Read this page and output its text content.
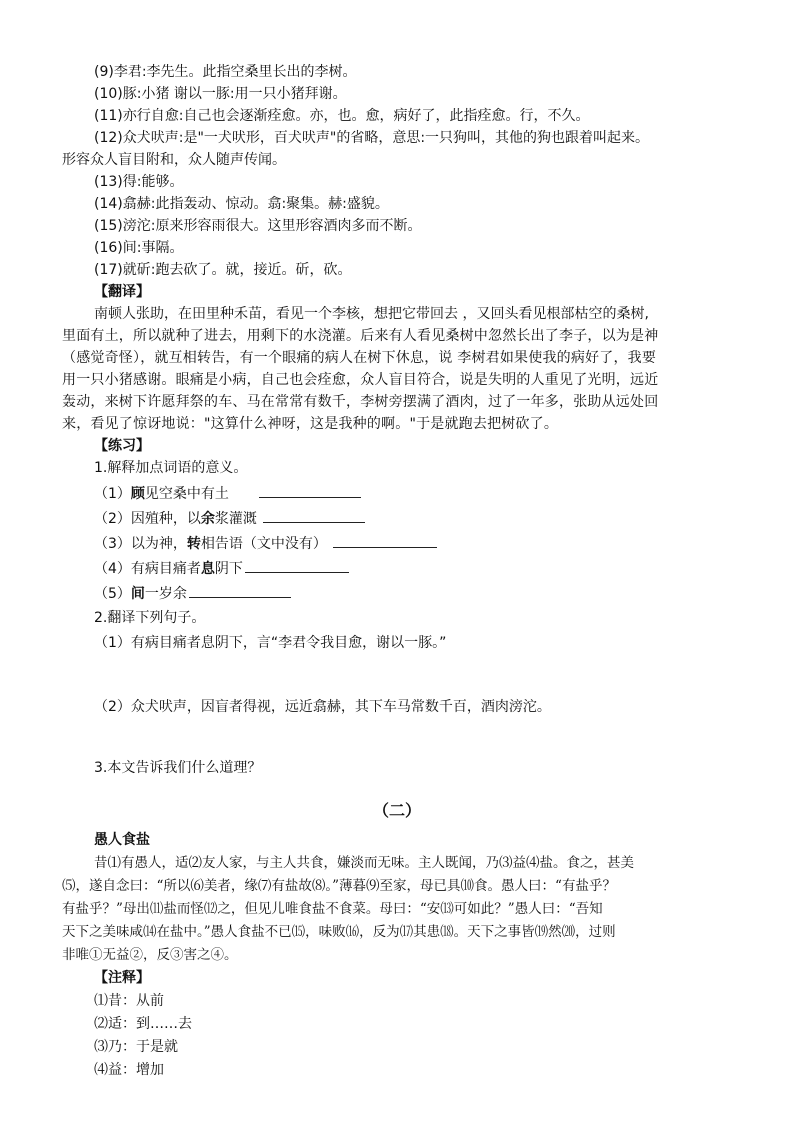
(9)李君:李先生。此指空桑里长出的李树。
(10)豚:小猪 谢以一豚:用一只小猪拜谢。
(11)亦行自愈:自己也会逐渐痊愈。亦，也。愈，病好了，此指痊愈。行，不久。
(12)众犬吠声:是"一犬吠形，百犬吠声"的省略，意思:一只狗叫，其他的狗也跟着叫起来。
形容众人盲目附和，众人随声传闻。
(13)得:能够。
(14)翕赫:此指轰动、惊动。翕:聚集。赫:盛貌。
(15)滂沱:原来形容雨很大。这里形容酒肉多而不断。
(16)间:事隔。
(17)就斫:跑去砍了。就，接近。斫，砍。
【翻译】
南顿人张助，在田里种禾苗，看见一个李核，想把它带回去 ，又回头看见根部枯空的桑树,
里面有土，所以就种了进去，用剩下的水浇灌。后来有人看见桑树中忽然长出了李子，以为是神
（感觉奇怪），就互相转告，有一个眼痛的病人在树下休息，说 李树君如果使我的病好了，我要
用一只小猪感谢。眼痛是小病，自己也会痊愈，众人盲目符合，说是失明的人重见了光明，远近
轰动，来树下许愿拜祭的车、马在常常有数千，李树旁摆满了酒肉，过了一年多，张助从远处回
来，看见了惊讶地说："这算什么神呀，这是我种的啊。"于是就跑去把树砍了。
【练习】
1.解释加点词语的意义。
（1）顾见空桑中有土
（2）因殖种，以余浆灌溉
（3）以为神，转相告语（文中没有）
（4）有病目痛者息阴下
（5）间一岁余
2.翻译下列句子。
（1）有病目痛者息阴下，言“李君令我目愈，谢以一豚。”
（2）众犬吠声，因盲者得视，远近翕赫，其下车马常数千百，酒肉滂沱。
3.本文告诉我们什么道理？
（二）
愚人食盐
昔⑴有愚人，适⑵友人家，与主人共食，嫌淡而无味。主人既闻，乃⑶益⑷盐。食之，甚美
⑸，遂自念曰：“所以⑹美者，缘⑺有盐故⑻。”薄暮⑼至家，母已具⑽食。愚人曰：“有盐乎？
有盐乎？”母出⑾盐而怪⑿之，但见儿唯食盐不食菜。母曰：“安⒀可如此？”愚人曰：“吾知
天下之美味咸⒁在盐中。”愚人食盐不已⒂，味败⒃，反为⒄其患⒅。天下之事皆⒆然⒇，过则
非唯①无益②，反③害之④。
【注释】
⑴昔：从前
⑵适：到……去
⑶乃：于是就
⑷益：增加
